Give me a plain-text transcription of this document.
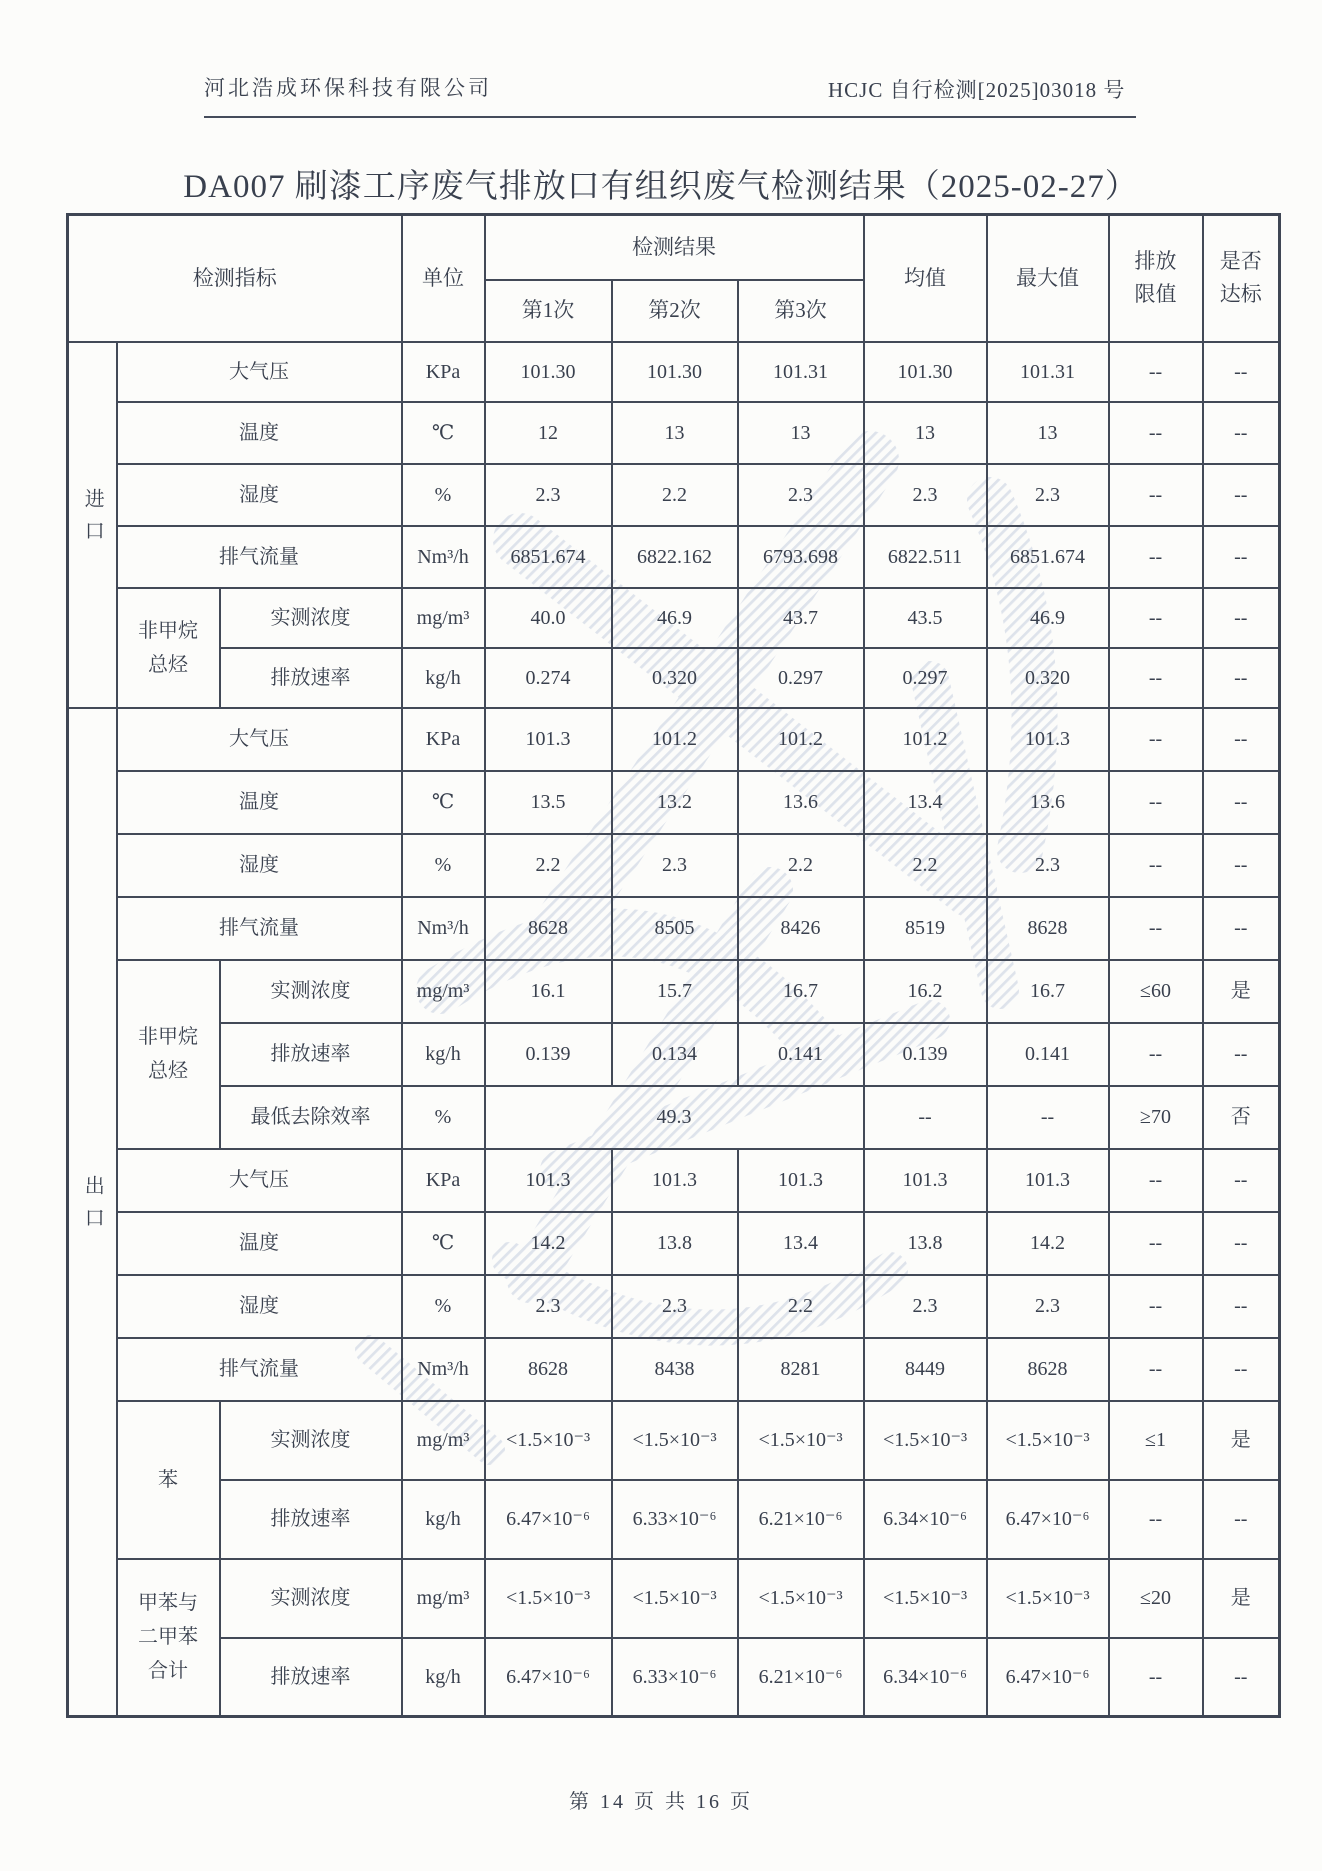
河北浩成环保科技有限公司	HCJC 自行检测[2025]03018 号
DA007 刷漆工序废气排放口有组织废气检测结果（2025-02-27）
检测指标			单位	检测结果			均值	最大值	排放限值	是否达标
				第1次	第2次	第3次				
进口	大气压		KPa	101.30	101.30	101.31	101.30	101.31	--	--
	温度		℃	12	13	13	13	13	--	--
	湿度		%	2.3	2.2	2.3	2.3	2.3	--	--
	排气流量		Nm³/h	6851.674	6822.162	6793.698	6822.511	6851.674	--	--
	非甲烷总烃	实测浓度	mg/m³	40.0	46.9	43.7	43.5	46.9	--	--
		排放速率	kg/h	0.274	0.320	0.297	0.297	0.320	--	--
出口	大气压		KPa	101.3	101.2	101.2	101.2	101.3	--	--
	温度		℃	13.5	13.2	13.6	13.4	13.6	--	--
	湿度		%	2.2	2.3	2.2	2.2	2.3	--	--
	排气流量		Nm³/h	8628	8505	8426	8519	8628	--	--
	非甲烷总烃	实测浓度	mg/m³	16.1	15.7	16.7	16.2	16.7	≤60	是
		排放速率	kg/h	0.139	0.134	0.141	0.139	0.141	--	--
		最低去除效率	%	49.3			--	--	≥70	否
	大气压		KPa	101.3	101.3	101.3	101.3	101.3	--	--
	温度		℃	14.2	13.8	13.4	13.8	14.2	--	--
	湿度		%	2.3	2.3	2.2	2.3	2.3	--	--
	排气流量		Nm³/h	8628	8438	8281	8449	8628	--	--
	苯	实测浓度	mg/m³	<1.5×10⁻³	<1.5×10⁻³	<1.5×10⁻³	<1.5×10⁻³	<1.5×10⁻³	≤1	是
		排放速率	kg/h	6.47×10⁻⁶	6.33×10⁻⁶	6.21×10⁻⁶	6.34×10⁻⁶	6.47×10⁻⁶	--	--
	甲苯与二甲苯合计	实测浓度	mg/m³	<1.5×10⁻³	<1.5×10⁻³	<1.5×10⁻³	<1.5×10⁻³	<1.5×10⁻³	≤20	是
		排放速率	kg/h	6.47×10⁻⁶	6.33×10⁻⁶	6.21×10⁻⁶	6.34×10⁻⁶	6.47×10⁻⁶	--	--
第 14 页 共 16 页
